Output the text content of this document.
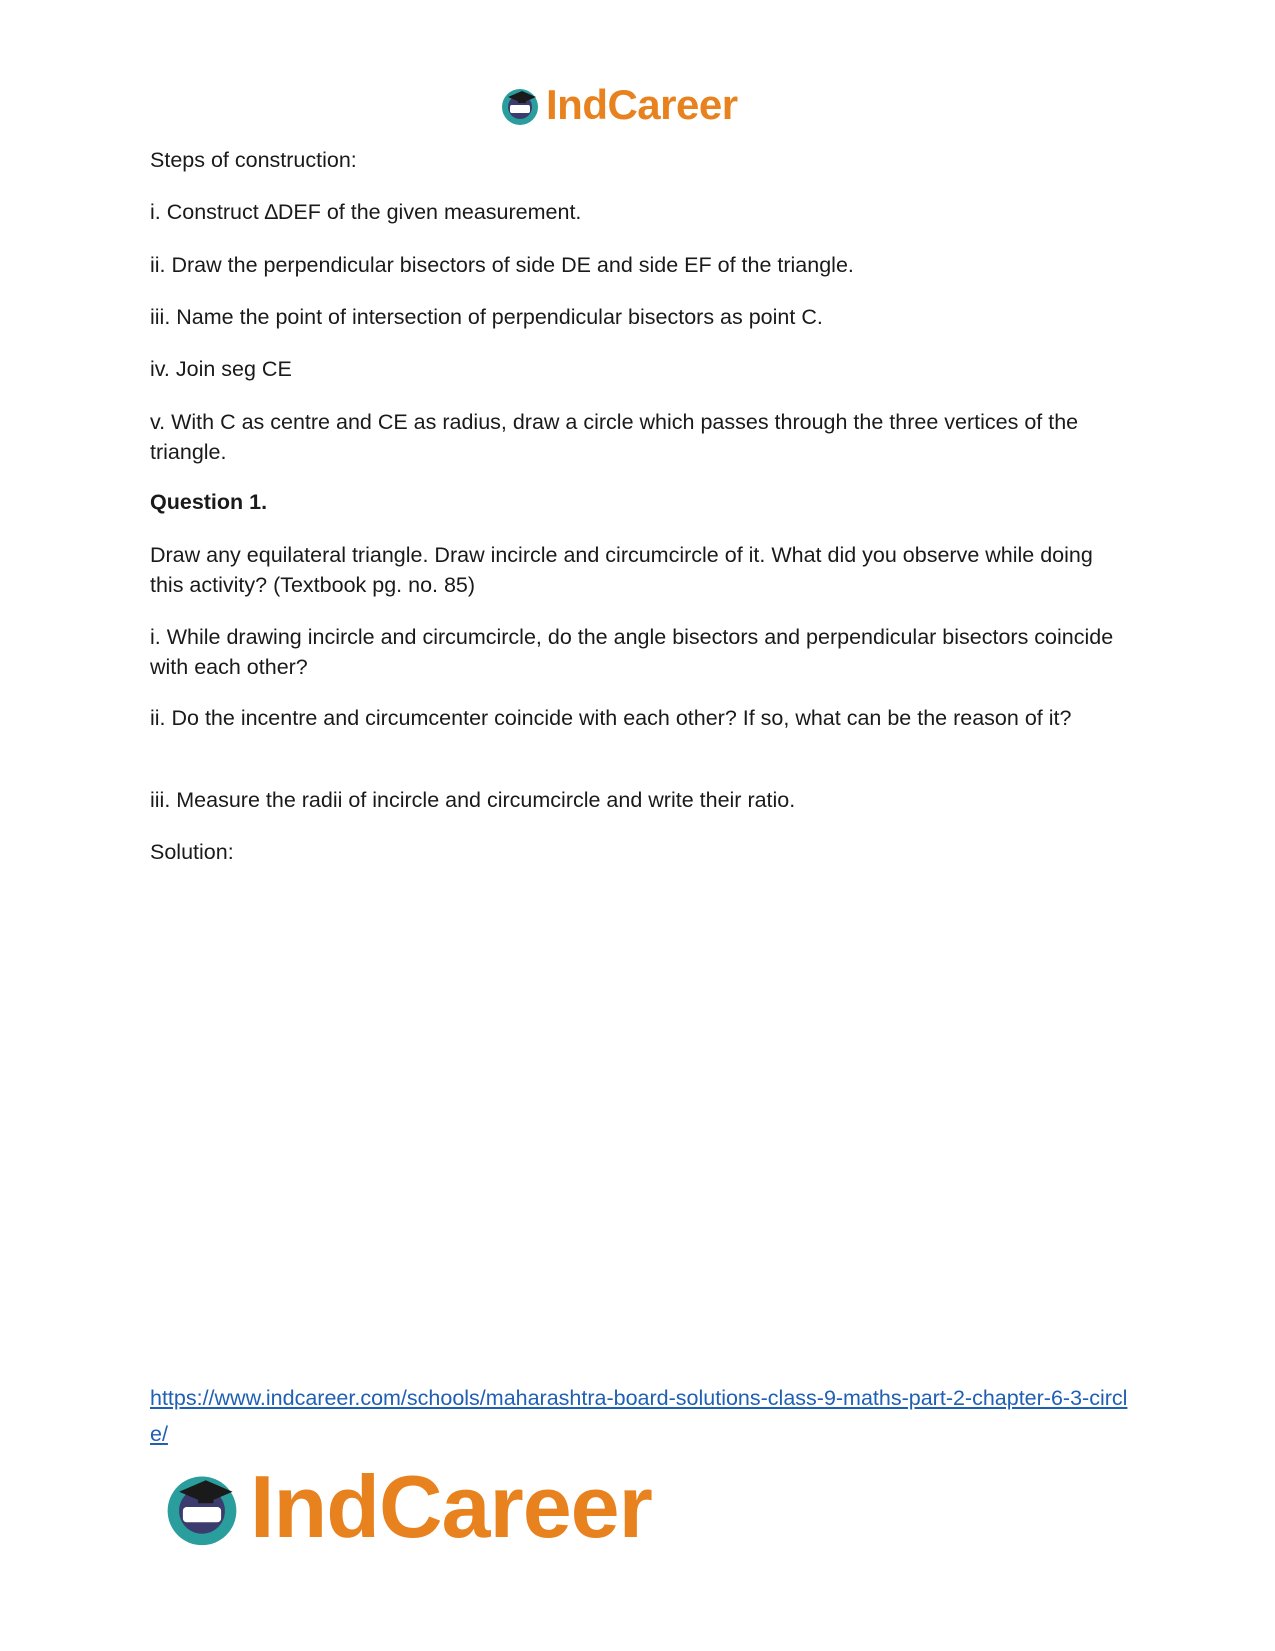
IndCareer

Steps of construction:

i. Construct ∆DEF of the given measurement.

ii. Draw the perpendicular bisectors of side DE and side EF of the triangle.

iii. Name the point of intersection of perpendicular bisectors as point C.

iv. Join seg CE

v. With C as centre and CE as radius, draw a circle which passes through the three vertices of the triangle.

Question 1.

Draw any equilateral triangle. Draw incircle and circumcircle of it. What did you observe while doing this activity? (Textbook pg. no. 85)

i. While drawing incircle and circumcircle, do the angle bisectors and perpendicular bisectors coincide with each other?

ii. Do the incentre and circumcenter coincide with each other? If so, what can be the reason of it?

iii. Measure the radii of incircle and circumcircle and write their ratio.

Solution:

https://www.indcareer.com/schools/maharashtra-board-solutions-class-9-maths-part-2-chapter-6-3-circle/
IndCareer
